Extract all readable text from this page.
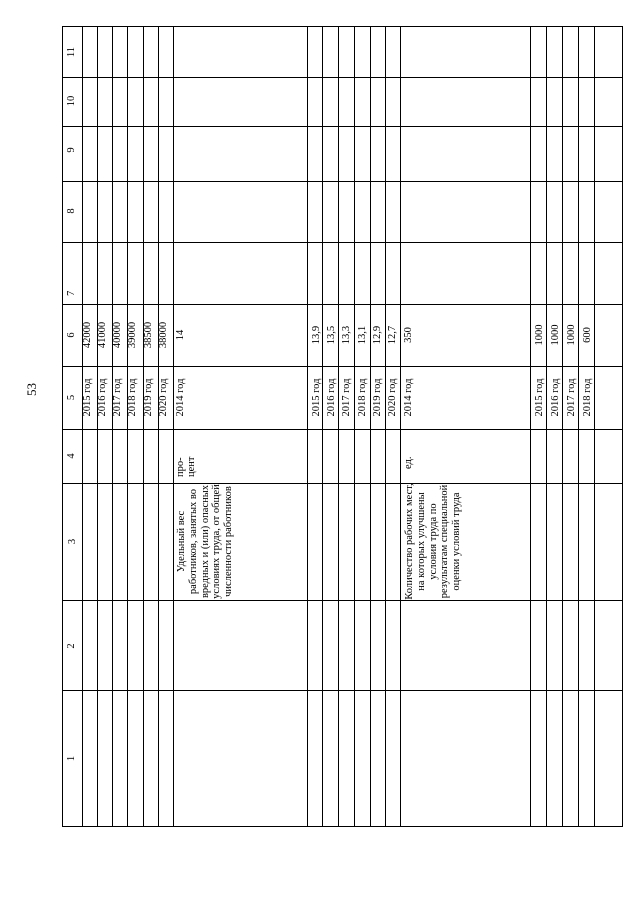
53
1
2
3
4
5
6
7
8
9
10
11
2015 год
42000
2016 год
41000
2017 год
40000
2018 год
39000
2019 год
38500
2020 год
38000
Удельный вес работников, занятых во вредных и (или) опасных условиях труда, от общей численности работников
про-цент
2014 год
14
2015 год
13,9
2016 год
13,5
2017 год
13,3
2018 год
13,1
2019 год
12,9
2020 год
12,7
Количество рабочих мест, на которых улучшены условия труда по результатам специальной оценки условий труда
ед.
2014 год
350
2015 год
1000
2016 год
1000
2017 год
1000
2018 год
600
